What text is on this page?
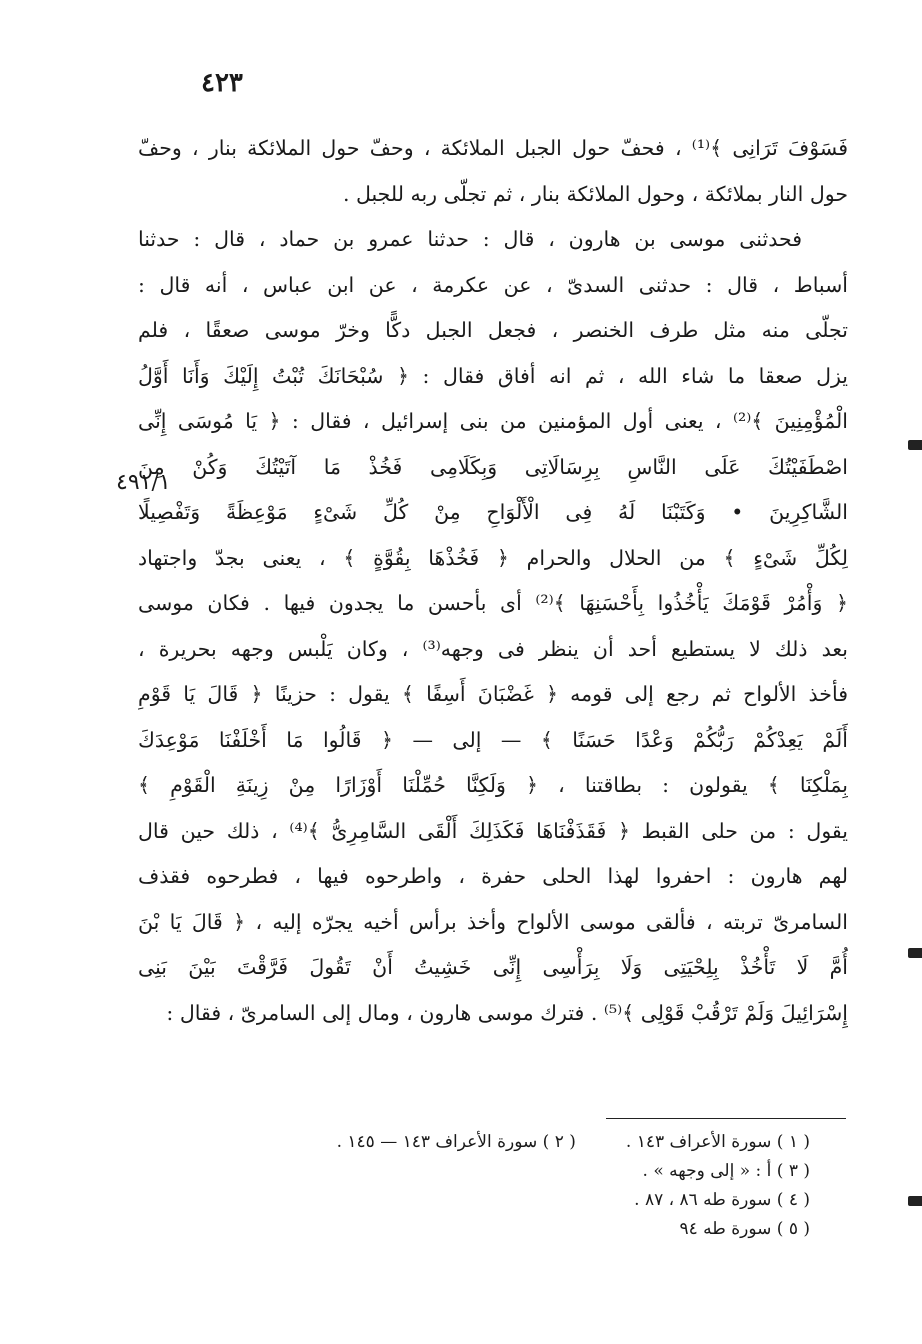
٤٢٣
٤٩١/١
فَسَوْفَ تَرَانِى ﴾⁽¹⁾ ، فحفّ حول الجبل الملائكة ، وحفّ حول الملائكة بنار ، وحفّ
حول النار بملائكة ، وحول الملائكة بنار ، ثم تجلّى ربه للجبل .
فحدثنى موسى بن هارون ، قال : حدثنا عمرو بن حماد ، قال : حدثنا
أسباط ، قال : حدثنى السدىّ ، عن عكرمة ، عن ابن عباس ، أنه قال :
تجلّى منه مثل طرف الخنصر ، فجعل الجبل دكًّا وخرّ موسى صعقًا ، فلم
يزل صعقا ما شاء الله ، ثم انه أفاق فقال : ﴿ سُبْحَانَكَ تُبْتُ إِلَيْكَ وَأَنَا أَوَّلُ
الْمُؤْمِنِينَ ﴾⁽²⁾ ، يعنى أول المؤمنين من بنى إسرائيل ، فقال : ﴿ يَا مُوسَى إِنِّى
اصْطَفَيْتُكَ عَلَى النَّاسِ بِرِسَالَاتِى وَبِكَلَامِى فَخُذْ مَا آتَيْتُكَ وَكُنْ مِنَ
الشَّاكِرِينَ • وَكَتَبْنَا لَهُ فِى الْأَلْوَاحِ مِنْ كُلِّ شَىْءٍ مَوْعِظَةً وَتَفْصِيلًا
لِكُلِّ شَىْءٍ ﴾ من الحلال والحرام ﴿ فَخُذْهَا بِقُوَّةٍ ﴾ ، يعنى بجدّ واجتهاد
﴿ وَأْمُرْ قَوْمَكَ يَأْخُذُوا بِأَحْسَنِهَا ﴾⁽²⁾ أى بأحسن ما يجدون فيها . فكان موسى
بعد ذلك لا يستطيع أحد أن ينظر فى وجهه⁽³⁾ ، وكان يَلْبس وجهه بحريرة ،
فأخذ الألواح ثم رجع إلى قومه ﴿ غَضْبَانَ أَسِفًا ﴾ يقول : حزينًا ﴿ قَالَ يَا قَوْمِ
أَلَمْ يَعِدْكُمْ رَبُّكُمْ وَعْدًا حَسَنًا ﴾ — إلى — ﴿ قَالُوا مَا أَخْلَفْنَا مَوْعِدَكَ
بِمَلْكِنَا ﴾ يقولون : بطاقتنا ، ﴿ وَلَكِنَّا حُمِّلْنَا أَوْزَارًا مِنْ زِينَةِ الْقَوْمِ ﴾
يقول : من حلى القبط ﴿ فَقَذَفْنَاهَا فَكَذَلِكَ أَلْقَى السَّامِرِىُّ ﴾⁽⁴⁾ ، ذلك حين قال
لهم هارون : احفروا لهذا الحلى حفرة ، واطرحوه فيها ، فطرحوه فقذف
السامرىّ تربته ، فألقى موسى الألواح وأخذ برأس أخيه يجرّه إليه ، ﴿ قَالَ يَا بْنَ
أُمَّ لَا تَأْخُذْ بِلِحْيَتِى وَلَا بِرَأْسِى إِنِّى خَشِيتُ أَنْ تَقُولَ فَرَّقْتَ بَيْنَ بَنِى
إِسْرَائِيلَ وَلَمْ تَرْقُبْ قَوْلِى ﴾⁽⁵⁾ . فترك موسى هارون ، ومال إلى السامرىّ ، فقال :
( ١ ) سورة الأعراف ١٤٣ .
( ٢ ) سورة الأعراف ١٤٣ — ١٤٥ .
( ٣ ) أ : « إلى وجهه » .
( ٤ ) سورة طه ٨٦ ، ٨٧ .
( ٥ ) سورة طه ٩٤
